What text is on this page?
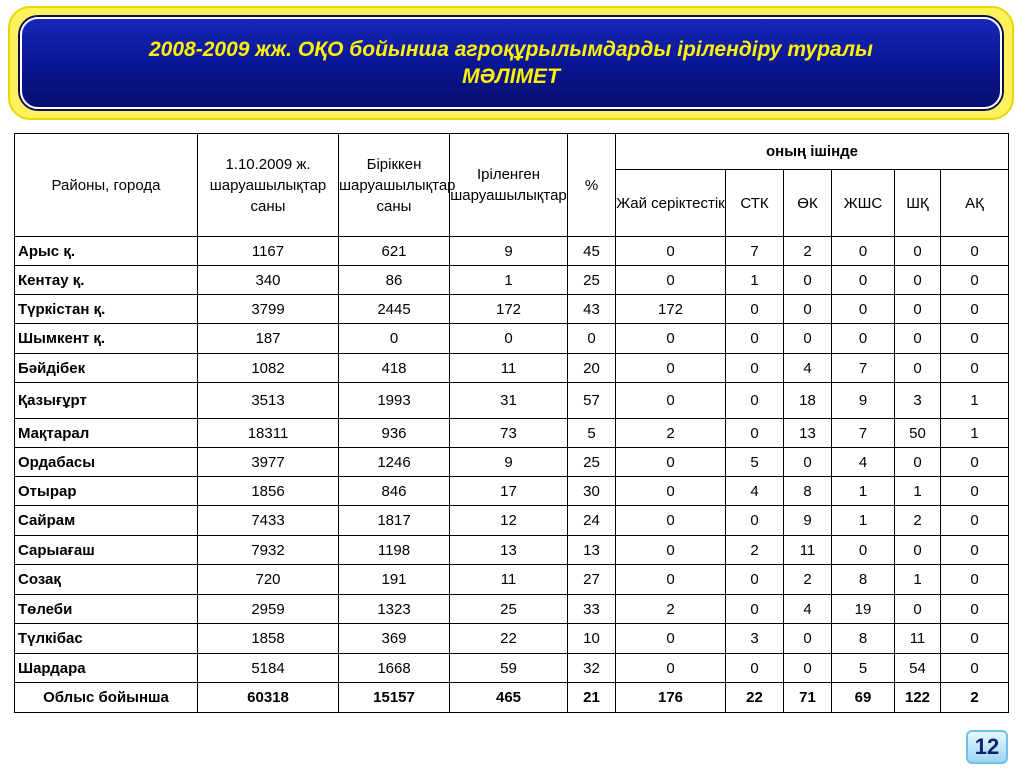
2008-2009 жж. ОҚО бойынша агроқұрылымдарды ірілендіру туралы
МӘЛІМЕТ
Районы, города	1.10.2009 ж. шаруашылықтар саны	Біріккен шаруашылықтар саны	Іріленген шаруашылықтар	%	оның ішінде					
					Жай серіктестік	СТК	ӨК	ЖШС	ШҚ	АҚ
Арыс қ.	1167	621	9	45	0	7	2	0	0	0
Кентау қ.	340	86	1	25	0	1	0	0	0	0
Түркістан қ.	3799	2445	172	43	172	0	0	0	0	0
Шымкент қ.	187	0	0	0	0	0	0	0	0	0
Бәйдібек	1082	418	11	20	0	0	4	7	0	0
Қазығұрт	3513	1993	31	57	0	0	18	9	3	1
Мақтарал	18311	936	73	5	2	0	13	7	50	1
Ордабасы	3977	1246	9	25	0	5	0	4	0	0
Отырар	1856	846	17	30	0	4	8	1	1	0
Сайрам	7433	1817	12	24	0	0	9	1	2	0
Сарыағаш	7932	1198	13	13	0	2	11	0	0	0
Созақ	720	191	11	27	0	0	2	8	1	0
Төлеби	2959	1323	25	33	2	0	4	19	0	0
Түлкібас	1858	369	22	10	0	3	0	8	11	0
Шардара	5184	1668	59	32	0	0	0	5	54	0
Облыс бойынша	60318	15157	465	21	176	22	71	69	122	2
12
